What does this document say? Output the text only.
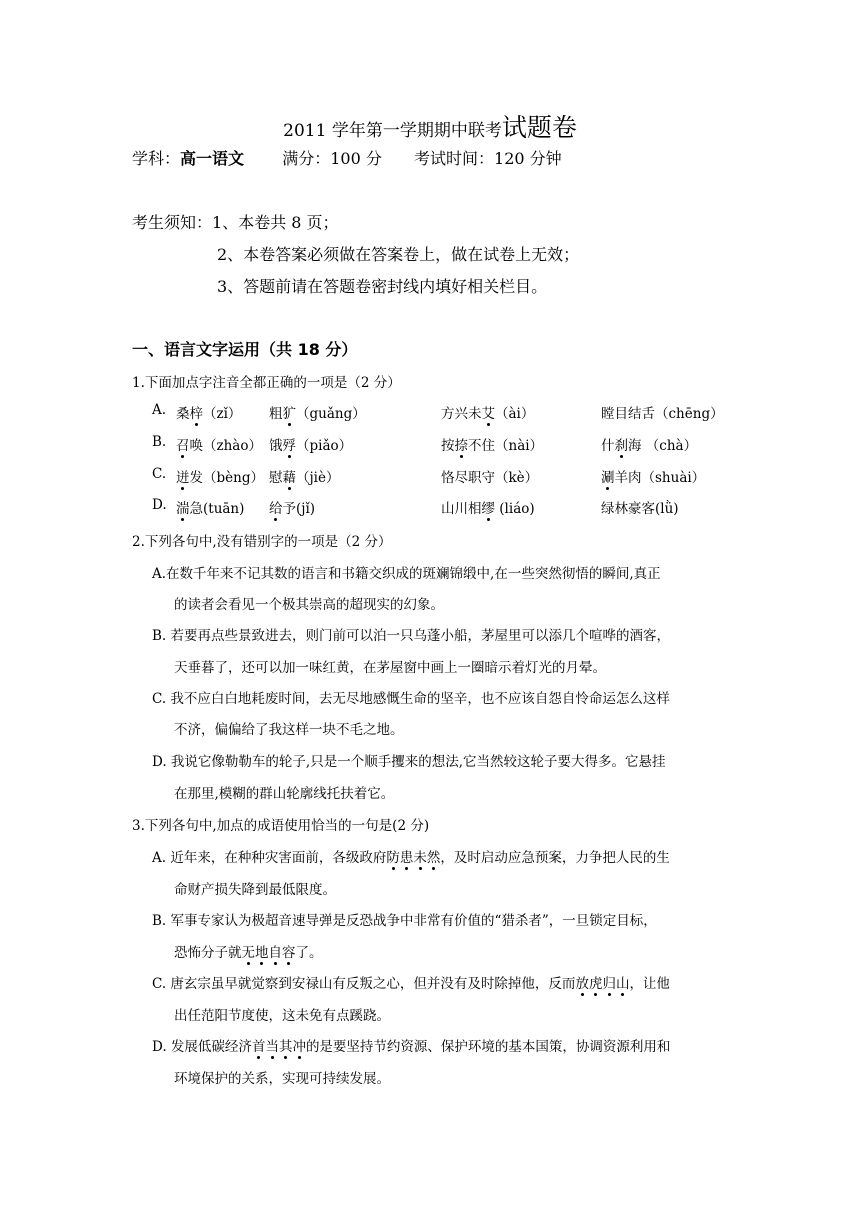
2011 学年第一学期期中联考试题卷
学科：高一语文 满分：100 分 考试时间：120 分钟
考生须知：1、本卷共 8 页；
2、本卷答案必须做在答案卷上，做在试卷上无效；
3、答题前请在答题卷密封线内填好相关栏目。
一、语言文字运用（共 18 分）
1.下面加点字注音全都正确的一项是（2 分）
A. 桑梓（zǐ） 粗犷（guǎng）	方兴未艾（ài）	瞠目结舌（chēng）
B. 召唤（zhào） 饿殍（piǎo）	按捺不住（nài）	什刹海 （chà）
C. 迸发（bèng） 慰藉（jiè）	恪尽职守（kè）	涮羊肉（shuài）
D. 湍急(tuān) 给予(jǐ)	山川相缪 (liáo)	绿林豪客(lǜ)
2.下列各句中,没有错别字的一项是（2 分）
A.在数千年来不记其数的语言和书籍交织成的斑斓锦缎中,在一些突然彻悟的瞬间,真正
的读者会看见一个极其崇高的超现实的幻象。
B. 若要再点些景致进去，则门前可以泊一只乌蓬小船，茅屋里可以添几个喧哗的酒客，
天垂暮了，还可以加一味红黄，在茅屋窗中画上一圈暗示着灯光的月晕。
C. 我不应白白地耗废时间，去无尽地感慨生命的坚辛，也不应该自怨自怜命运怎么这样
不济，偏偏给了我这样一块不毛之地。
D. 我说它像勒勒车的轮子,只是一个顺手攫来的想法,它当然较这轮子要大得多。它悬挂
在那里,模糊的群山轮廓线托扶着它。
3.下列各句中,加点的成语使用恰当的一句是(2 分)
A. 近年来，在种种灾害面前，各级政府防患未然，及时启动应急预案，力争把人民的生
命财产损失降到最低限度。
B. 军事专家认为极超音速导弹是反恐战争中非常有价值的“猎杀者”，一旦锁定目标，
恐怖分子就无地自容了。
C. 唐玄宗虽早就觉察到安禄山有反叛之心，但并没有及时除掉他，反而放虎归山，让他
出任范阳节度使，这未免有点蹊跷。
D. 发展低碳经济首当其冲的是要坚持节约资源、保护环境的基本国策，协调资源利用和
环境保护的关系，实现可持续发展。
